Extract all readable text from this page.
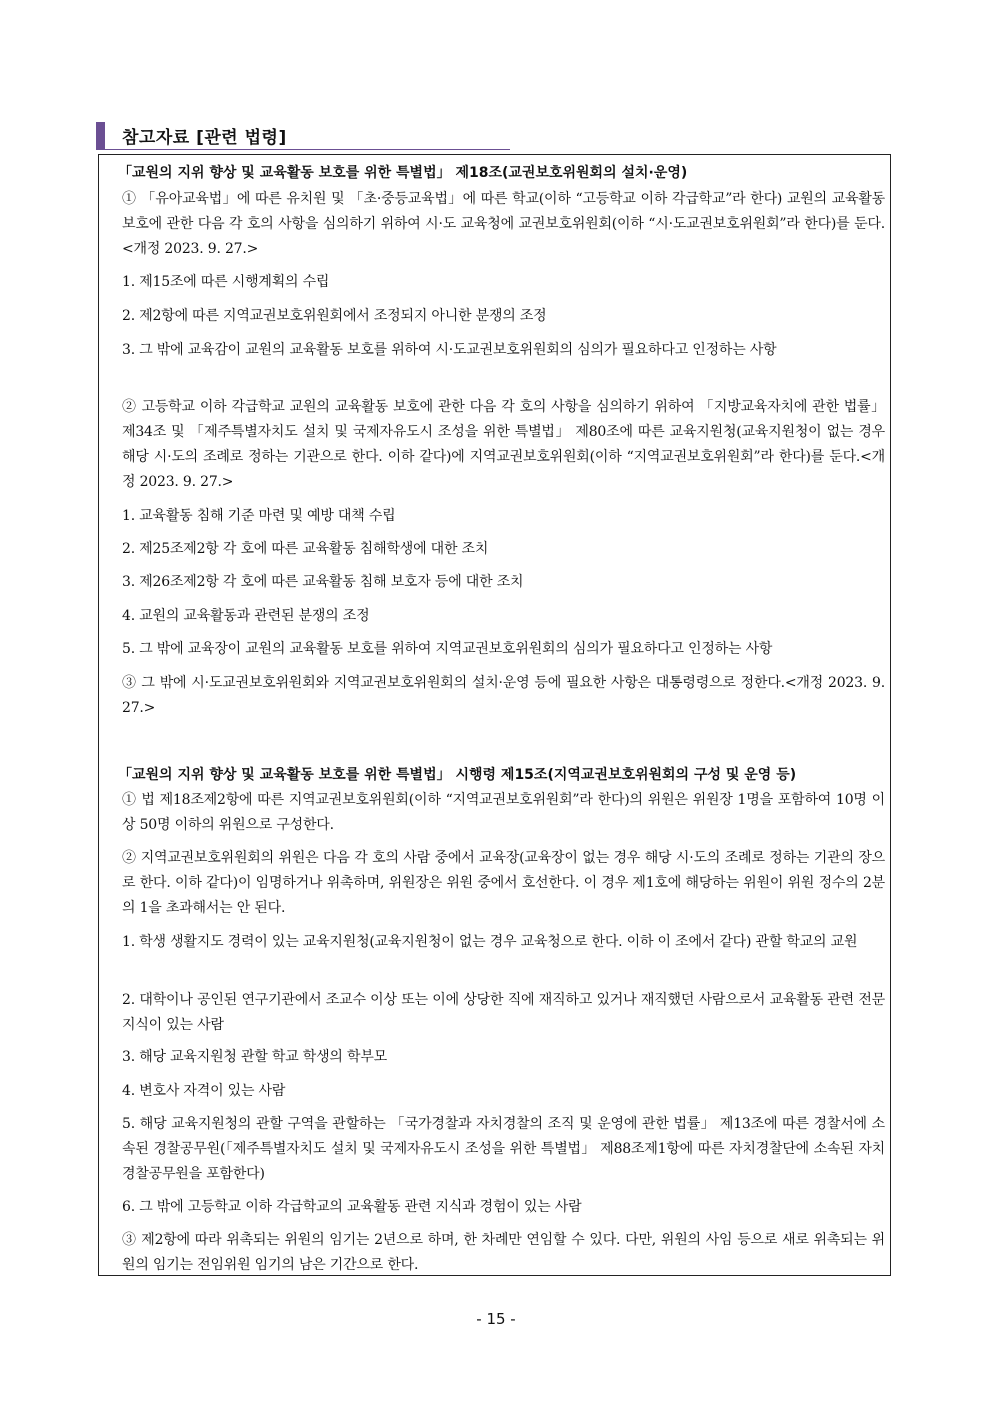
참고자료 [관련 법령]
「교원의 지위 향상 및 교육활동 보호를 위한 특별법」 제18조(교권보호위원회의 설치·운영)
① 「유아교육법」에 따른 유치원 및 「초·중등교육법」에 따른 학교(이하 “고등학교 이하 각급학교”라 한다) 교원의 교육활동 보호에 관한 다음 각 호의 사항을 심의하기 위하여 시·도 교육청에 교권보호위원회(이하 “시·도교권보호위원회”라 한다)를 둔다.<개정 2023. 9. 27.>
1. 제15조에 따른 시행계획의 수립
2. 제2항에 따른 지역교권보호위원회에서 조정되지 아니한 분쟁의 조정
3. 그 밖에 교육감이 교원의 교육활동 보호를 위하여 시·도교권보호위원회의 심의가 필요하다고 인정하는 사항
② 고등학교 이하 각급학교 교원의 교육활동 보호에 관한 다음 각 호의 사항을 심의하기 위하여 「지방교육자치에 관한 법률」 제34조 및 「제주특별자치도 설치 및 국제자유도시 조성을 위한 특별법」 제80조에 따른 교육지원청(교육지원청이 없는 경우 해당 시·도의 조례로 정하는 기관으로 한다. 이하 같다)에 지역교권보호위원회(이하 “지역교권보호위원회”라 한다)를 둔다.<개정 2023. 9. 27.>
1. 교육활동 침해 기준 마련 및 예방 대책 수립
2. 제25조제2항 각 호에 따른 교육활동 침해학생에 대한 조치
3. 제26조제2항 각 호에 따른 교육활동 침해 보호자 등에 대한 조치
4. 교원의 교육활동과 관련된 분쟁의 조정
5. 그 밖에 교육장이 교원의 교육활동 보호를 위하여 지역교권보호위원회의 심의가 필요하다고 인정하는 사항
③ 그 밖에 시·도교권보호위원회와 지역교권보호위원회의 설치·운영 등에 필요한 사항은 대통령령으로 정한다.<개정 2023. 9. 27.>
「교원의 지위 향상 및 교육활동 보호를 위한 특별법」 시행령 제15조(지역교권보호위원회의 구성 및 운영 등)
① 법 제18조제2항에 따른 지역교권보호위원회(이하 “지역교권보호위원회”라 한다)의 위원은 위원장 1명을 포함하여 10명 이상 50명 이하의 위원으로 구성한다.
② 지역교권보호위원회의 위원은 다음 각 호의 사람 중에서 교육장(교육장이 없는 경우 해당 시·도의 조례로 정하는 기관의 장으로 한다. 이하 같다)이 임명하거나 위촉하며, 위원장은 위원 중에서 호선한다. 이 경우 제1호에 해당하는 위원이 위원 정수의 2분의 1을 초과해서는 안 된다.
1. 학생 생활지도 경력이 있는 교육지원청(교육지원청이 없는 경우 교육청으로 한다. 이하 이 조에서 같다) 관할 학교의 교원
2. 대학이나 공인된 연구기관에서 조교수 이상 또는 이에 상당한 직에 재직하고 있거나 재직했던 사람으로서 교육활동 관련 전문지식이 있는 사람
3. 해당 교육지원청 관할 학교 학생의 학부모
4. 변호사 자격이 있는 사람
5. 해당 교육지원청의 관할 구역을 관할하는 「국가경찰과 자치경찰의 조직 및 운영에 관한 법률」 제13조에 따른 경찰서에 소속된 경찰공무원(「제주특별자치도 설치 및 국제자유도시 조성을 위한 특별법」 제88조제1항에 따른 자치경찰단에 소속된 자치경찰공무원을 포함한다)
6. 그 밖에 고등학교 이하 각급학교의 교육활동 관련 지식과 경험이 있는 사람
③ 제2항에 따라 위촉되는 위원의 임기는 2년으로 하며, 한 차례만 연임할 수 있다. 다만, 위원의 사임 등으로 새로 위촉되는 위원의 임기는 전임위원 임기의 남은 기간으로 한다.
- 15 -
